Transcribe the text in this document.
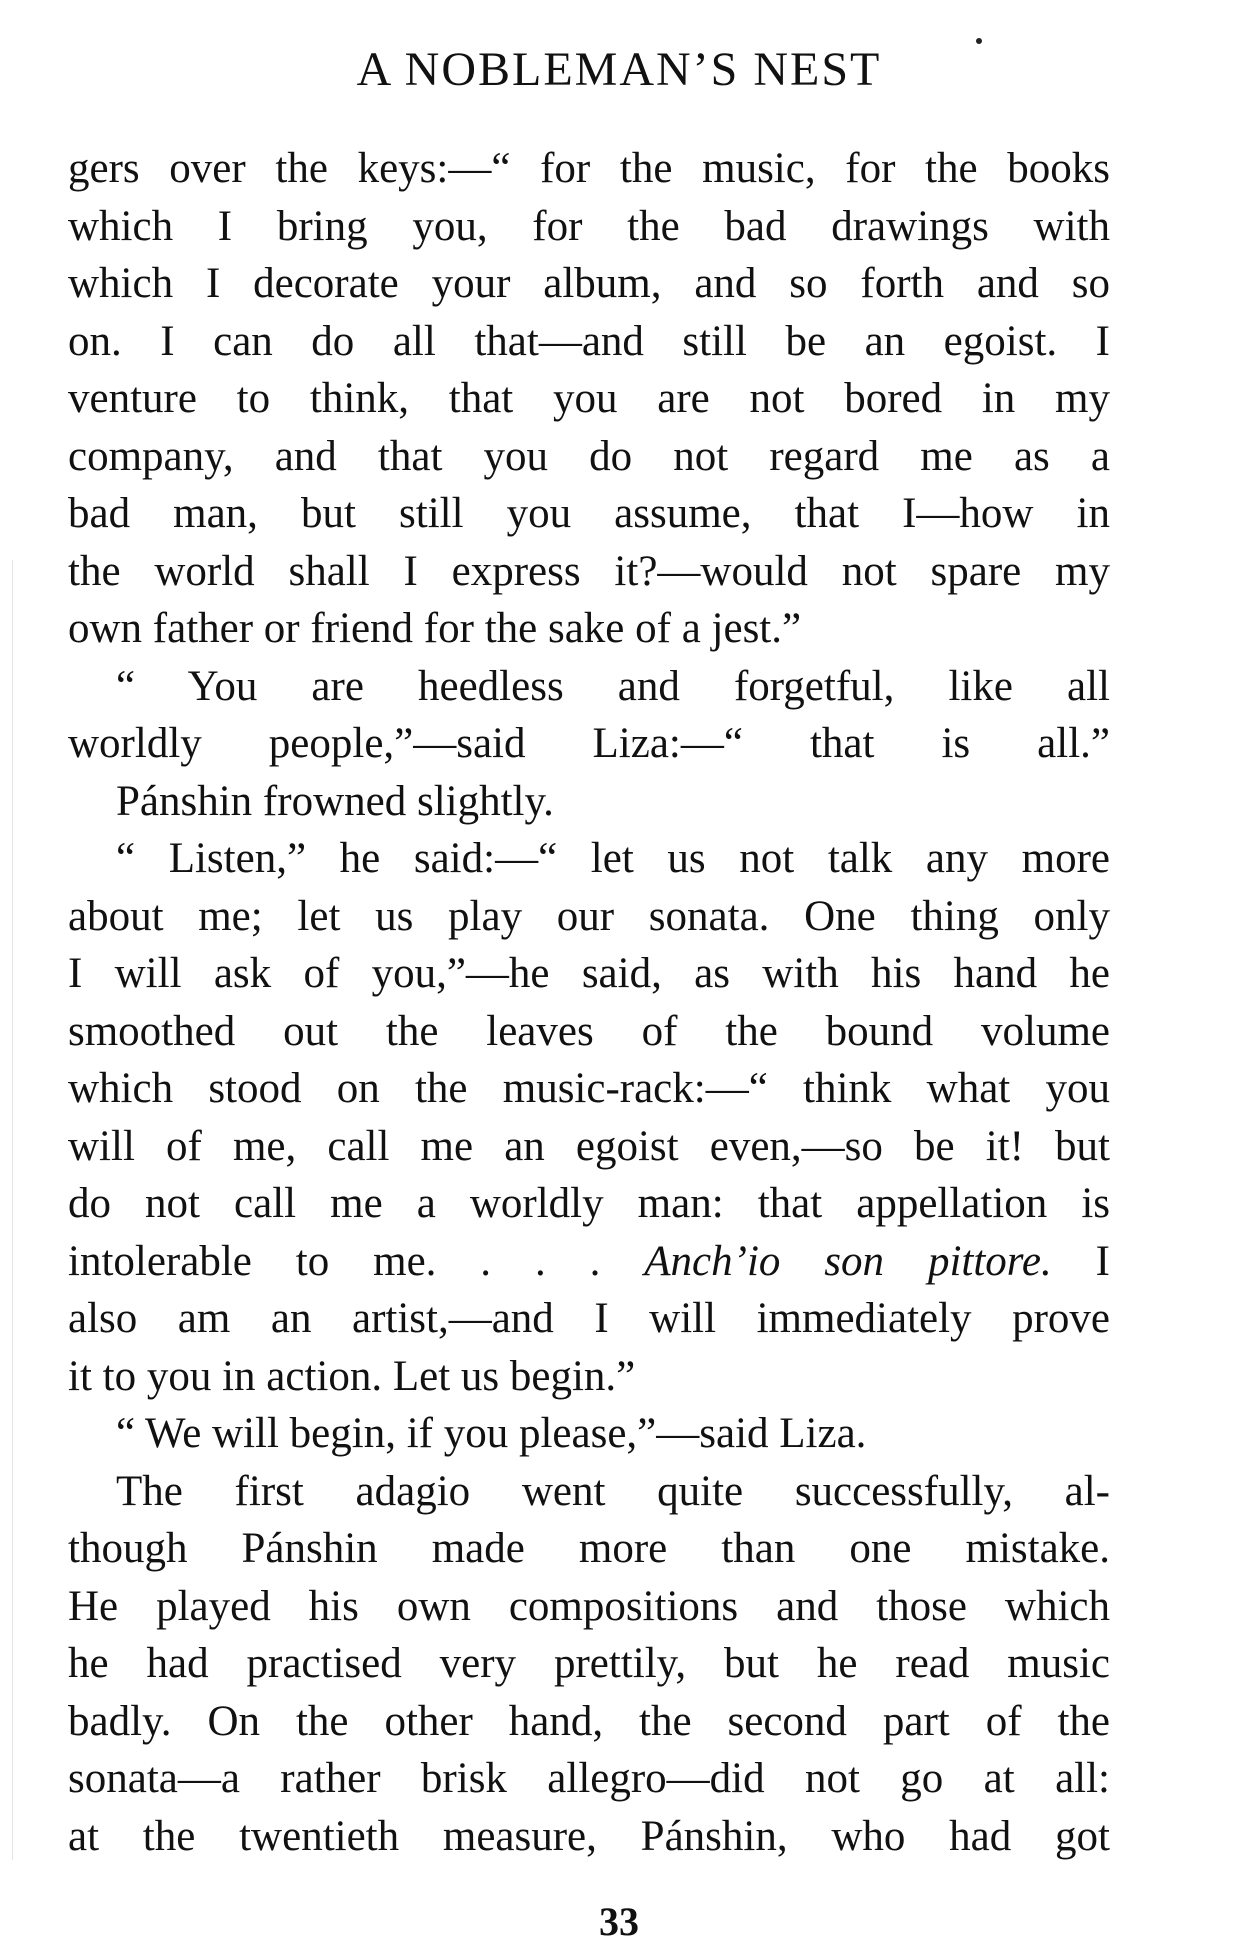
A NOBLEMAN’S NEST
gers over the keys:—“ for the music, for the books
which I bring you, for the bad drawings with
which I decorate your album, and so forth and so
on. I can do all that—and still be an egoist. I
venture to think, that you are not bored in my
company, and that you do not regard me as a
bad man, but still you assume, that I—how in
the world shall I express it?—would not spare my
own father or friend for the sake of a jest.”
“ You are heedless and forgetful, like all
worldly people,”—said Liza:—“ that is all.”
Pánshin frowned slightly.
“ Listen,” he said:—“ let us not talk any more
about me; let us play our sonata. One thing only
I will ask of you,”—he said, as with his hand he
smoothed out the leaves of the bound volume
which stood on the music-rack:—“ think what you
will of me, call me an egoist even,—so be it! but
do not call me a worldly man: that appellation is
intolerable to me. . . . Anch’io son pittore. I
also am an artist,—and I will immediately prove
it to you in action. Let us begin.”
“ We will begin, if you please,”—said Liza.
The first adagio went quite successfully, al-
though Pánshin made more than one mistake.
He played his own compositions and those which
he had practised very prettily, but he read music
badly. On the other hand, the second part of the
sonata—a rather brisk allegro—did not go at all:
at the twentieth measure, Pánshin, who had got
33
